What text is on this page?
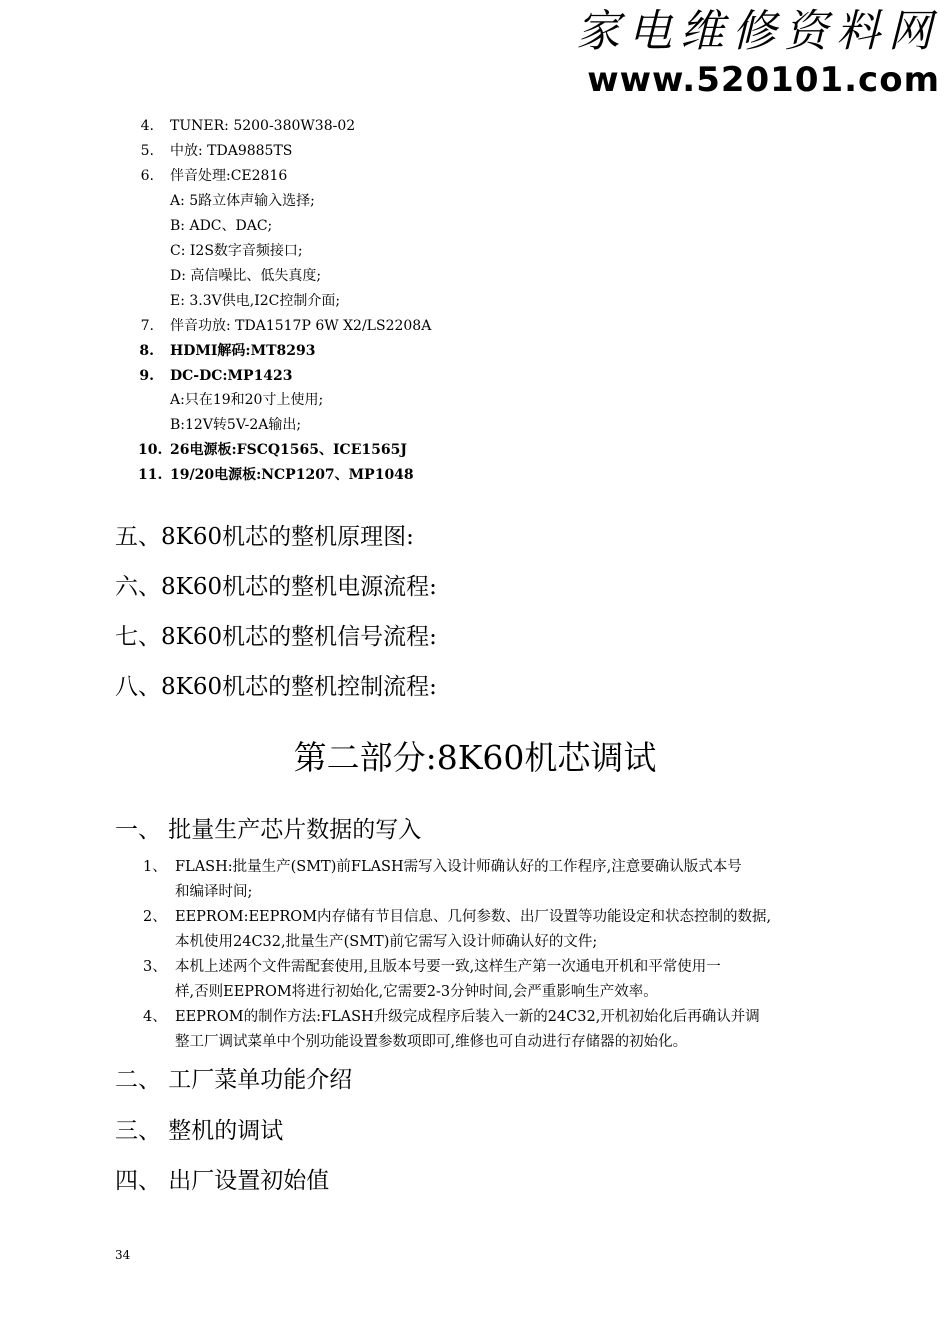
家电维修资料网
www.520101.com
4. TUNER: 5200-380W38-02
5. 中放: TDA9885TS
6. 伴音处理:CE2816
A: 5路立体声输入选择;
B: ADC、DAC;
C: I2S数字音频接口;
D: 高信噪比、低失真度;
E: 3.3V供电,I2C控制介面;
7. 伴音功放: TDA1517P 6W X2/LS2208A
8. HDMI解码:MT8293
9. DC-DC:MP1423
A:只在19和20寸上使用;
B:12V转5V-2A输出;
10. 26电源板:FSCQ1565、ICE1565J
11. 19/20电源板:NCP1207、MP1048
五、8K60机芯的整机原理图:
六、8K60机芯的整机电源流程:
七、8K60机芯的整机信号流程:
八、8K60机芯的整机控制流程:
第二部分:8K60机芯调试
一、 批量生产芯片数据的写入
1、 FLASH:批量生产(SMT)前FLASH需写入设计师确认好的工作程序,注意要确认版式本号
和编译时间;
2、 EEPROM:EEPROM内存储有节目信息、几何参数、出厂设置等功能设定和状态控制的数据,
本机使用24C32,批量生产(SMT)前它需写入设计师确认好的文件;
3、 本机上述两个文件需配套使用,且版本号要一致,这样生产第一次通电开机和平常使用一
样,否则EEPROM将进行初始化,它需要2-3分钟时间,会严重影响生产效率。
4、 EEPROM的制作方法:FLASH升级完成程序后装入一新的24C32,开机初始化后再确认并调
整工厂调试菜单中个别功能设置参数项即可,维修也可自动进行存储器的初始化。
二、 工厂菜单功能介绍
三、 整机的调试
四、 出厂设置初始值
34
